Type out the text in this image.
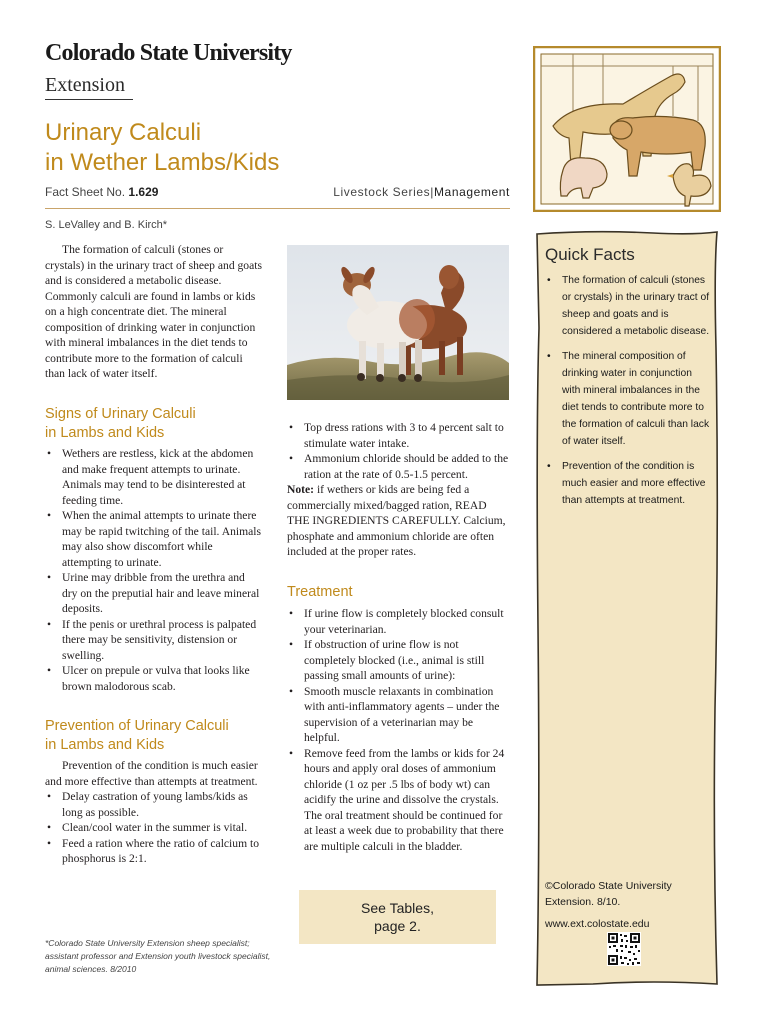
Colorado State University
Extension
Urinary Calculi
in Wether Lambs/Kids
Fact Sheet No. 1.629	Livestock Series|Management
S. LeValley and B. Kirch*

The formation of calculi (stones or crystals) in the urinary tract of sheep and goats and is considered a metabolic disease. Commonly calculi are found in lambs or kids on a high concentrate diet. The mineral composition of drinking water in conjunction with mineral imbalances in the diet tends to contribute more to the formation of calculi than lack of water itself.

Signs of Urinary Calculi
in Lambs and Kids
• Wethers are restless, kick at the abdomen and make frequent attempts to urinate. Animals may tend to be disinterested at feeding time.
• When the animal attempts to urinate there may be rapid twitching of the tail. Animals may also show discomfort while attempting to urinate.
• Urine may dribble from the urethra and dry on the preputial hair and leave mineral deposits.
• If the penis or urethral process is palpated there may be sensitivity, distension or swelling.
• Ulcer on prepule or vulva that looks like brown malodorous scab.
Prevention of Urinary Calculi
in Lambs and Kids

Prevention of the condition is much easier and more effective than attempts at treatment.

• Delay castration of young lambs/kids as long as possible.
• Clean/cool water in the summer is vital.
• Feed a ration where the ratio of calcium to phosphorus is 2:1.
• Top dress rations with 3 to 4 percent salt to stimulate water intake.
• Ammonium chloride should be added to the ration at the rate of 0.5-1.5 percent.
Note: if wethers or kids are being fed a commercially mixed/bagged ration, READ THE INGREDIENTS CAREFULLY. Calcium, phosphate and ammonium chloride are often included at the proper rates.
Treatment
• If urine flow is completely blocked consult your veterinarian.
• If obstruction of urine flow is not completely blocked (i.e., animal is still passing small amounts of urine):
• Smooth muscle relaxants in combination with anti-inflammatory agents – under the supervision of a veterinarian may be helpful.
• Remove feed from the lambs or kids for 24 hours and apply oral doses of ammonium chloride (1 oz per .5 lbs of body wt) can acidify the urine and dissolve the crystals. The oral treatment should be continued for at least a week due to probability that there are multiple calculi in the bladder.
See Tables,
page 2.
*Colorado State University Extension sheep specialist; assistant professor and Extension youth livestock specialist, animal sciences. 8/2010
Quick Facts
• The formation of calculi (stones or crystals) in the urinary tract of sheep and goats and is considered a metabolic disease.
• The mineral composition of drinking water in conjunction with mineral imbalances in the diet tends to contribute more to the formation of calculi than lack of water itself.
• Prevention of the condition is much easier and more effective than attempts at treatment.
©Colorado State University Extension. 8/10.
www.ext.colostate.edu
